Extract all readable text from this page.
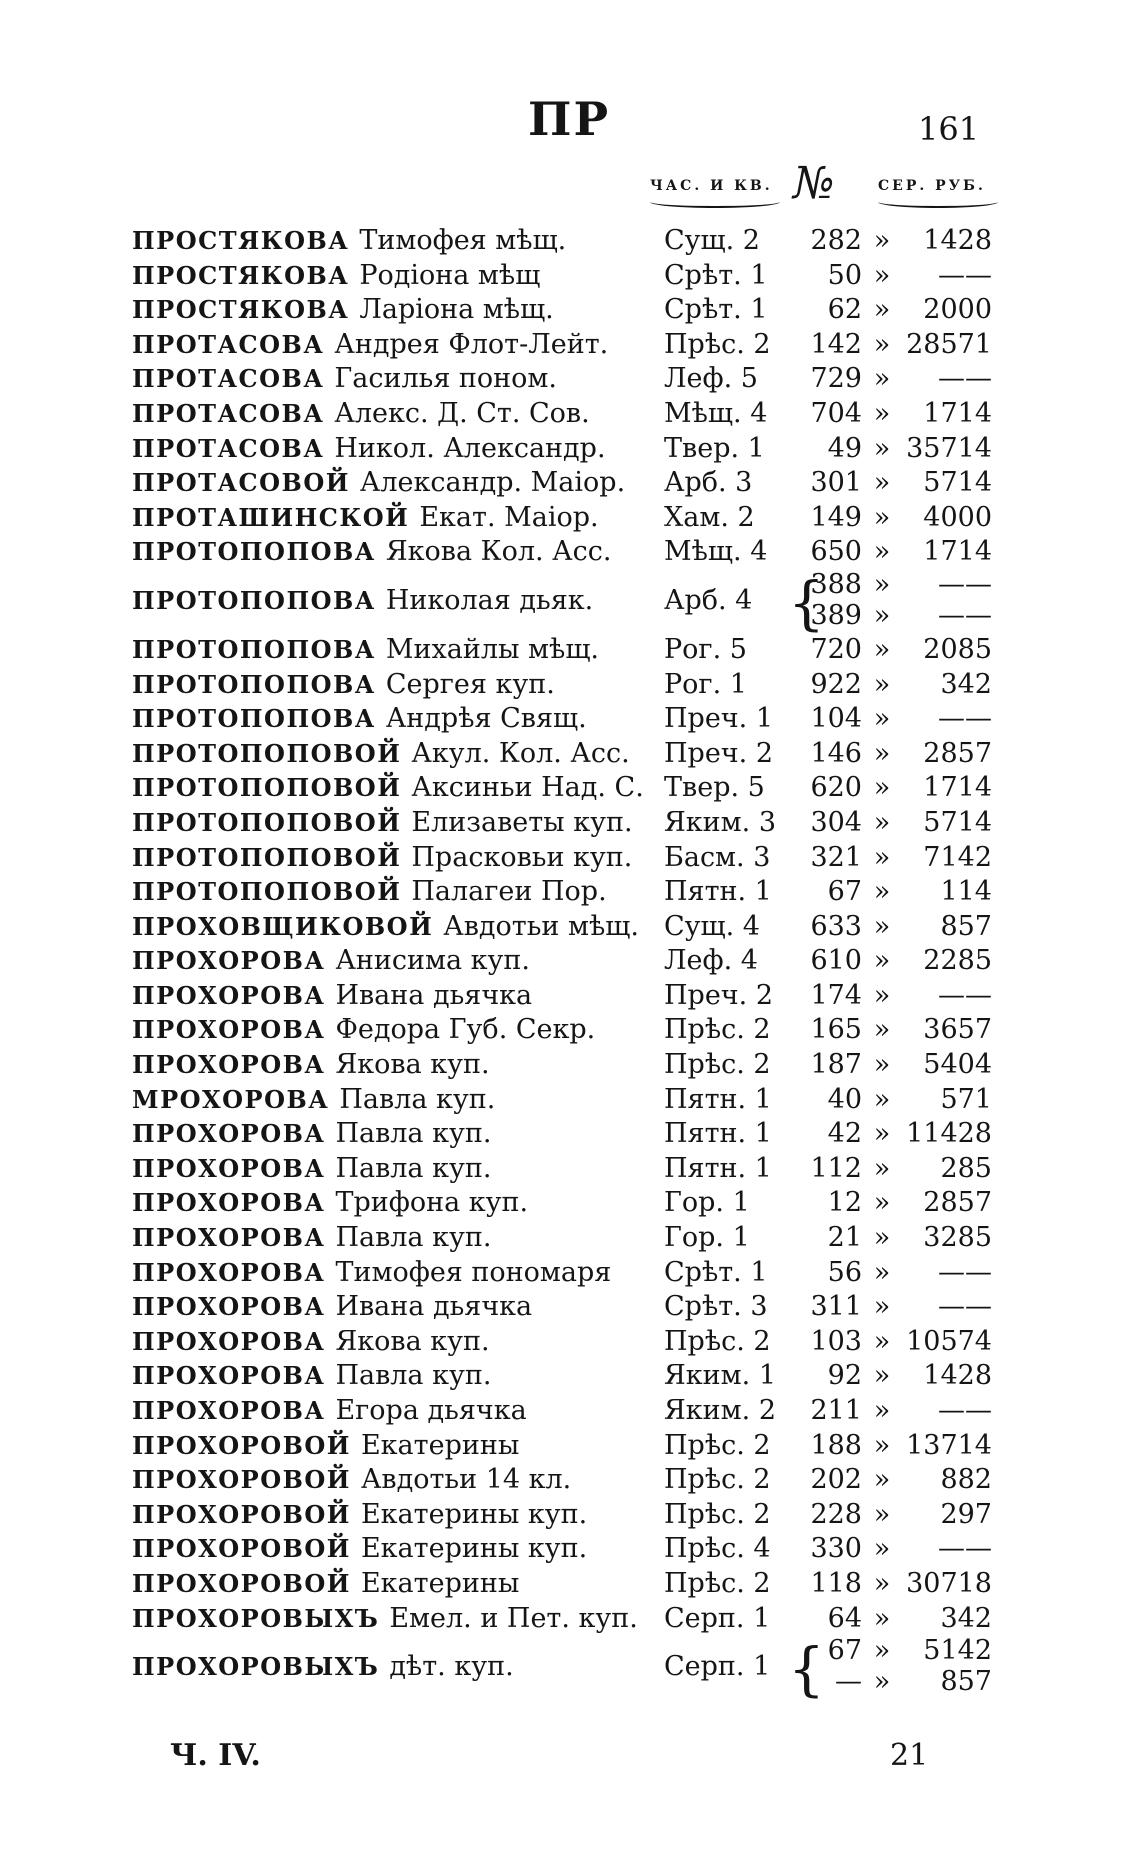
ПР	161
ЧАС. И КВ. №	СЕР. РУБ.
ПРОСТЯКОВА Тимофея мѣщ.	Сущ. 2	282 »	1428
ПРОСТЯКОВА Родіона мѣщ	Срѣт. 1	50 »	——
ПРОСТЯКОВА Ларіона мѣщ.	Срѣт. 1	62 »	2000
ПРОТАСОВА Андрея Флот-Лейт.	Прѣс. 2	142 » 28571
ПРОТАСОВА Гасилья поном.	Леф. 5	729 »	——
ПРОТАСОВА Алекс. Д. Ст. Сов.	Мѣщ. 4	704 »	1714
ПРОТАСОВА Никол. Александр.	Твер. 1	49 » 35714
ПРОТАСОВОЙ Александр. Маіор.	Арб. 3	301 »	5714
ПРОТАШИНСКОЙ Екат. Маіор.	Хам. 2	149 »	4000
ПРОТОПОПОВА Якова Кол. Асс.	Мѣщ. 4	650 »	1714
ПРОТОПОПОВА Николая дьяк.	Арб. 4 {
388 »	——
389 »	——
ПРОТОПОПОВА Михайлы мѣщ.	Рог. 5	720 »	2085
ПРОТОПОПОВА Сергея куп.	Рог. 1	922 »	342
ПРОТОПОПОВА Андрѣя Свящ.	Преч. 1	104 »	——
ПРОТОПОПОВОЙ Акул. Кол. Асс.	Преч. 2	146 »	2857
ПРОТОПОПОВОЙ Аксиньи Над. С. Твер. 5	620 »	1714
ПРОТОПОПОВОЙ Елизаветы куп.	Яким. 3	304 »	5714
ПРОТОПОПОВОЙ Прасковьи куп.	Басм. 3	321 »	7142
ПРОТОПОПОВОЙ Палагеи Пор.	Пятн. 1	67 »	114
ПРОХОВЩИКОВОЙ Авдотьи мѣщ. Сущ. 4	633 »	857
ПРОХОРОВА Анисима куп.	Леф. 4	610 »	2285
ПРОХОРОВА Ивана дьячка	Преч. 2	174 »	——
ПРОХОРОВА Федора Губ. Секр.	Прѣс. 2	165 »	3657
ПРОХОРОВА Якова куп.	Прѣс. 2	187 »	5404
МРОХОРОВА Павла куп.	Пятн. 1	40 »	571
ПРОХОРОВА Павла куп.	Пятн. 1	42 » 11428
ПРОХОРОВА Павла куп.	Пятн. 1	112 »	285
ПРОХОРОВА Трифона куп.	Гор. 1	12 »	2857
ПРОХОРОВА Павла куп.	Гор. 1	21 »	3285
ПРОХОРОВА Тимофея пономаря	Срѣт. 1	56 »	——
ПРОХОРОВА Ивана дьячка	Срѣт. 3	311 »	——
ПРОХОРОВА Якова куп.	Прѣс. 2	103 » 10574
ПРОХОРОВА Павла куп.	Яким. 1	92 »	1428
ПРОХОРОВА Егора дьячка	Яким. 2	211 »	——
ПРОХОРОВОЙ Екатерины	Прѣс. 2	188 » 13714
ПРОХОРОВОЙ Авдотьи 14 кл.	Прѣс. 2	202 »	882
ПРОХОРОВОЙ Екатерины куп.	Прѣс. 2	228 »	297
ПРОХОРОВОЙ Екатерины куп.	Прѣс. 4	330 »	——
ПРОХОРОВОЙ Екатерины	Прѣс. 2	118 » 30718
ПРОХОРОВЫХЪ Емел. и Пет. куп. Серп. 1	64 »	342
ПРОХОРОВЫХЪ дѣт. куп.	Серп. 1 { 67 »	5142
— »	857
Ч. IV.	21
